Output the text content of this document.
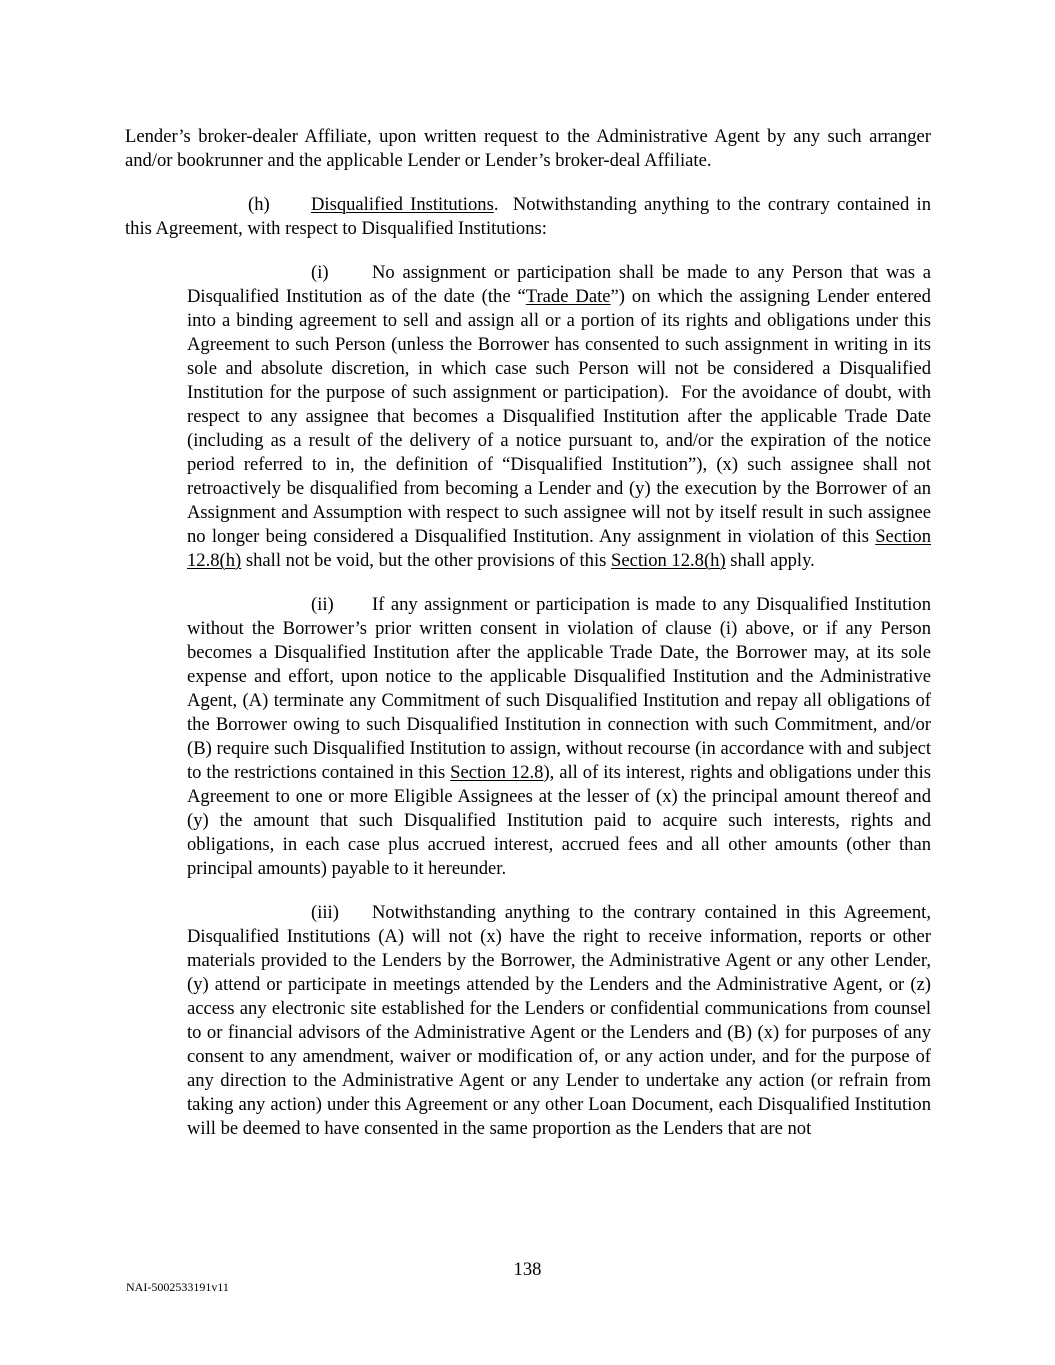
Lender’s broker-dealer Affiliate, upon written request to the Administrative Agent by any such arranger and/or bookrunner and the applicable Lender or Lender’s broker-deal Affiliate.

(h) Disqualified Institutions.  Notwithstanding anything to the contrary contained in this Agreement, with respect to Disqualified Institutions:

(i) No assignment or participation shall be made to any Person that was a Disqualified Institution as of the date (the “Trade Date”) on which the assigning Lender entered into a binding agreement to sell and assign all or a portion of its rights and obligations under this Agreement to such Person (unless the Borrower has consented to such assignment in writing in its sole and absolute discretion, in which case such Person will not be considered a Disqualified Institution for the purpose of such assignment or participation).  For the avoidance of doubt, with respect to any assignee that becomes a Disqualified Institution after the applicable Trade Date (including as a result of the delivery of a notice pursuant to, and/or the expiration of the notice period referred to in, the definition of “Disqualified Institution”), (x) such assignee shall not retroactively be disqualified from becoming a Lender and (y) the execution by the Borrower of an Assignment and Assumption with respect to such assignee will not by itself result in such assignee no longer being considered a Disqualified Institution. Any assignment in violation of this Section 12.8(h) shall not be void, but the other provisions of this Section 12.8(h) shall apply.

(ii) If any assignment or participation is made to any Disqualified Institution without the Borrower’s prior written consent in violation of clause (i) above, or if any Person becomes a Disqualified Institution after the applicable Trade Date, the Borrower may, at its sole expense and effort, upon notice to the applicable Disqualified Institution and the Administrative Agent, (A) terminate any Commitment of such Disqualified Institution and repay all obligations of the Borrower owing to such Disqualified Institution in connection with such Commitment, and/or (B) require such Disqualified Institution to assign, without recourse (in accordance with and subject to the restrictions contained in this Section 12.8), all of its interest, rights and obligations under this Agreement to one or more Eligible Assignees at the lesser of (x) the principal amount thereof and (y) the amount that such Disqualified Institution paid to acquire such interests, rights and obligations, in each case plus accrued interest, accrued fees and all other amounts (other than principal amounts) payable to it hereunder.

(iii) Notwithstanding anything to the contrary contained in this Agreement, Disqualified Institutions (A) will not (x) have the right to receive information, reports or other materials provided to the Lenders by the Borrower, the Administrative Agent or any other Lender, (y) attend or participate in meetings attended by the Lenders and the Administrative Agent, or (z) access any electronic site established for the Lenders or confidential communications from counsel to or financial advisors of the Administrative Agent or the Lenders and (B) (x) for purposes of any consent to any amendment, waiver or modification of, or any action under, and for the purpose of any direction to the Administrative Agent or any Lender to undertake any action (or refrain from taking any action) under this Agreement or any other Loan Document, each Disqualified Institution will be deemed to have consented in the same proportion as the Lenders that are not

138
NAI-5002533191v11
